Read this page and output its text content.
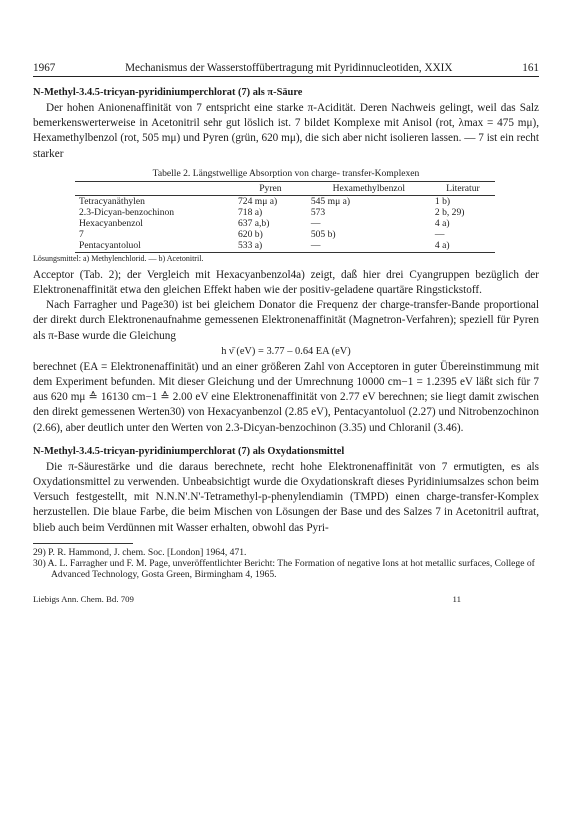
1967	Mechanismus der Wasserstoffübertragung mit Pyridinnucleotiden, XXIX	161
N-Methyl-3.4.5-tricyan-pyridiniumperchlorat (7) als π-Säure

Der hohen Anionenaffinität von 7 entspricht eine starke π-Acidität. Deren Nachweis gelingt, weil das Salz bemerkenswerterweise in Acetonitril sehr gut löslich ist. 7 bildet Komplexe mit Anisol (rot, λmax = 475 mμ), Hexamethylbenzol (rot, 505 mμ) und Pyren (grün, 620 mμ), die sich aber nicht isolieren lassen. — 7 ist ein recht starker

Tabelle 2. Längstwellige Absorption von charge- transfer-Komplexen
	Pyren	Hexamethylbenzol	Literatur
Tetracyanäthylen	724 mμ a)	545 mμ a)	1 b)
2.3-Dicyan-benzochinon	718 a)	573	2 b, 29)
Hexacyanbenzol	637 a,b)	—	4 a)
7	620 b)	505 b)	—
Pentacyantoluol	533 a)	—	4 a)
Lösungsmittel: a) Methylenchlorid. — b) Acetonitril.

Acceptor (Tab. 2); der Vergleich mit Hexacyanbenzol4a) zeigt, daß hier drei Cyangruppen bezüglich der Elektronenaffinität etwa den gleichen Effekt haben wie der positiv-geladene quartäre Ringstickstoff.

Nach Farragher und Page30) ist bei gleichem Donator die Frequenz der charge-transfer-Bande proportional der direkt durch Elektronenaufnahme gemessenen Elektronenaffinität (Magnetron-Verfahren); speziell für Pyren als π-Base wurde die Gleichung

h ν̄ (eV) = 3.77 – 0.64 EA (eV)

berechnet (EA = Elektronenaffinität) und an einer größeren Zahl von Acceptoren in guter Übereinstimmung mit dem Experiment befunden. Mit dieser Gleichung und der Umrechnung 10000 cm−1 = 1.2395 eV läßt sich für 7 aus 620 mμ ≙ 16130 cm−1 ≙ 2.00 eV eine Elektronenaffinität von 2.77 eV berechnen; sie liegt damit zwischen den direkt gemessenen Werten30) von Hexacyanbenzol (2.85 eV), Pentacyantoluol (2.27) und Nitrobenzochinon (2.66), aber deutlich unter den Werten von 2.3-Dicyan-benzochinon (3.35) und Chloranil (3.46).

N-Methyl-3.4.5-tricyan-pyridiniumperchlorat (7) als Oxydationsmittel

Die π-Säurestärke und die daraus berechnete, recht hohe Elektronenaffinität von 7 ermutigten, es als Oxydationsmittel zu verwenden. Unbeabsichtigt wurde die Oxydationskraft dieses Pyridiniumsalzes schon beim Versuch festgestellt, mit N.N.N'.N'-Tetramethyl-p-phenylendiamin (TMPD) einen charge-transfer-Komplex herzustellen. Die blaue Farbe, die beim Mischen von Lösungen der Base und des Salzes 7 in Acetonitril auftrat, blieb auch beim Verdünnen mit Wasser erhalten, obwohl das Pyri-

29) P. R. Hammond, J. chem. Soc. [London] 1964, 471.
30) A. L. Farragher und F. M. Page, unveröffentlichter Bericht: The Formation of negative Ions at hot metallic surfaces, College of Advanced Technology, Gosta Green, Birmingham 4, 1965.
Liebigs Ann. Chem. Bd. 709	11
